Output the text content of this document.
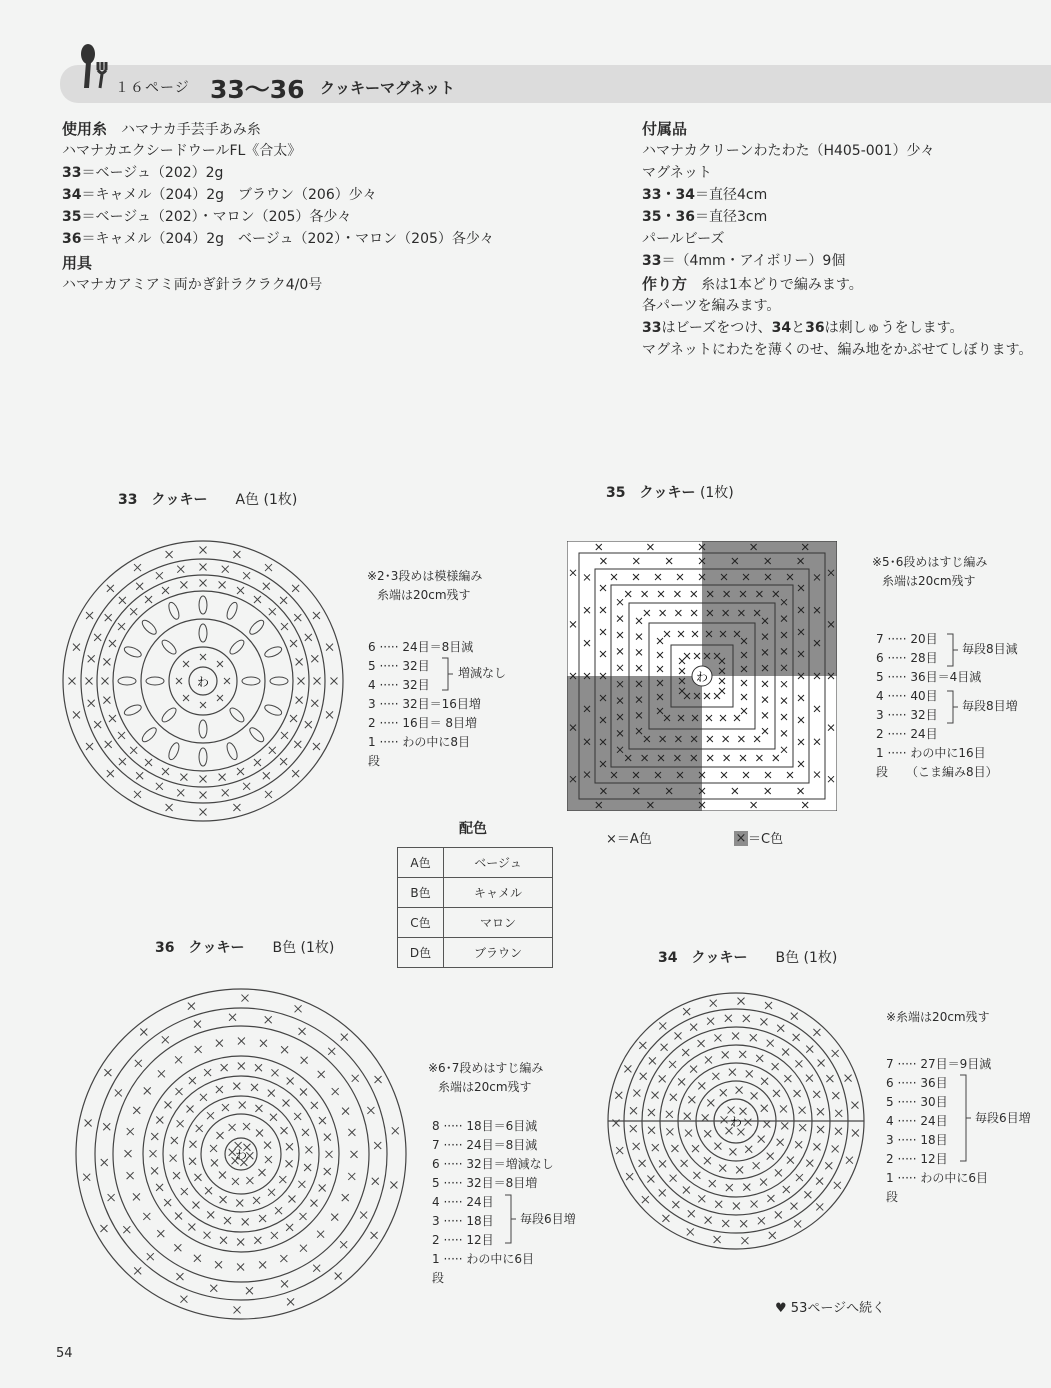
１６ページ 33〜36 クッキーマグネット
使用糸　 ハマナカ手芸手あみ糸
ハマナカエクシードウールFL《合太》
33＝ベージュ（202）2g
34＝キャメル（204）2g　ブラウン（206）少々
35＝ベージュ（202）・マロン（205）各少々
36＝キャメル（204）2g　ベージュ（202）・マロン（205）各少々
用具
ハマナカアミアミ両かぎ針ラクラク4/0号
付属品
ハマナカクリーンわたわた（H405-001）少々
マグネット
33・34＝直径4cm
35・36＝直径3cm
パールビーズ
33＝（4mm・アイボリー）9個
作り方　 糸は1本どりで編みます。
各パーツを編みます。
33はビーズをつけ、34と36は刺しゅうをします。
マグネットにわたを薄くのせ、編み地をかぶせてしぼります。
33　 クッキー　　 A色 (1枚)
わ
※2･3段めは模様編み
糸端は20cm残す
6 ····· 24目＝8目減
5 ····· 32目
4 ····· 32目
3 ····· 32目＝16目増
2 ····· 16目＝ 8目増
1 ····· わの中に8目
段
増減なし
35　 クッキー (1枚)
わ
※5･6段めはすじ編み
糸端は20cm残す
7 ····· 20目
6 ····· 28目
5 ····· 36目＝4目減
4 ····· 40目
3 ····· 32目
2 ····· 24目
1 ····· わの中に16目
段　　（こま編み8目）
毎段8目減
毎段8目増
×＝A色	× ＝C色
配色
A色	ベージュ
B色	キャメル
C色	マロン
D色	ブラウン
36　 クッキー　　 B色 (1枚)
わ
※6･7段めはすじ編み
糸端は20cm残す
8 ····· 18目＝6目減
7 ····· 24目＝8目減
6 ····· 32目＝増減なし
5 ····· 32目＝8目増
4 ····· 24目
3 ····· 18目
2 ····· 12目
1 ····· わの中に6目
段
毎段6目増
34　 クッキー　　 B色 (1枚)
わ
※糸端は20cm残す
7 ····· 27目＝9目減
6 ····· 36目
5 ····· 30目
4 ····· 24目
3 ····· 18目
2 ····· 12目
1 ····· わの中に6目
段
毎段6目増
♥ 53ページへ続く
54
